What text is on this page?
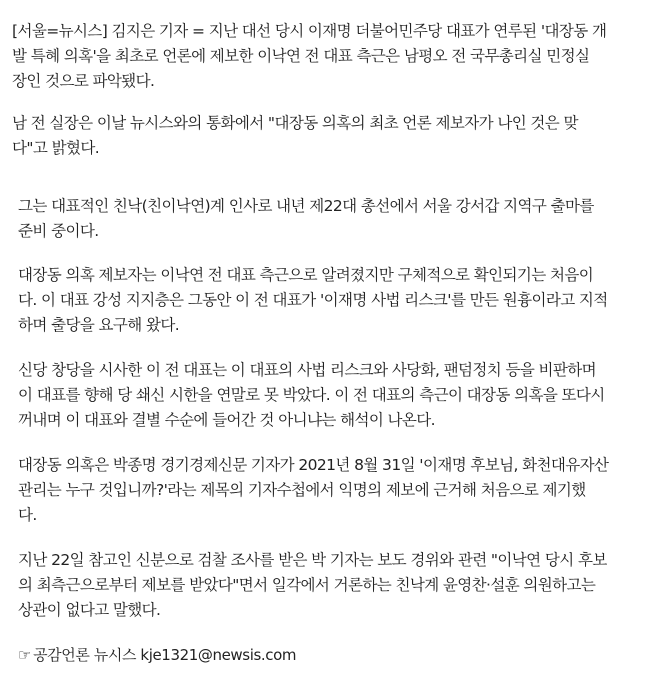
[서울=뉴시스] 김지은 기자 = 지난 대선 당시 이재명 더불어민주당 대표가 연루된 '대장동 개
발 특혜 의혹'을 최초로 언론에 제보한 이낙연 전 대표 측근은 남평오 전 국무총리실 민정실
장인 것으로 파악됐다.
남 전 실장은 이날 뉴시스와의 통화에서 "대장동 의혹의 최초 언론 제보자가 나인 것은 맞
다"고 밝혔다.
그는 대표적인 친낙(친이낙연)계 인사로 내년 제22대 총선에서 서울 강서갑 지역구 출마를
준비 중이다.
대장동 의혹 제보자는 이낙연 전 대표 측근으로 알려졌지만 구체적으로 확인되기는 처음이
다. 이 대표 강성 지지층은 그동안 이 전 대표가 '이재명 사법 리스크'를 만든 원흉이라고 지적
하며 출당을 요구해 왔다.
신당 창당을 시사한 이 전 대표는 이 대표의 사법 리스크와 사당화, 팬덤정치 등을 비판하며
이 대표를 향해 당 쇄신 시한을 연말로 못 박았다. 이 전 대표의 측근이 대장동 의혹을 또다시
꺼내며 이 대표와 결별 수순에 들어간 것 아니냐는 해석이 나온다.
대장동 의혹은 박종명 경기경제신문 기자가 2021년 8월 31일 '이재명 후보님, 화천대유자산
관리는 누구 것입니까?'라는 제목의 기자수첩에서 익명의 제보에 근거해 처음으로 제기했
다.
지난 22일 참고인 신분으로 검찰 조사를 받은 박 기자는 보도 경위와 관련 "이낙연 당시 후보
의 최측근으로부터 제보를 받았다"면서 일각에서 거론하는 친낙계 윤영찬·설훈 의원하고는
상관이 없다고 말했다.
☞ 공감언론 뉴시스 kje1321@newsis.com
